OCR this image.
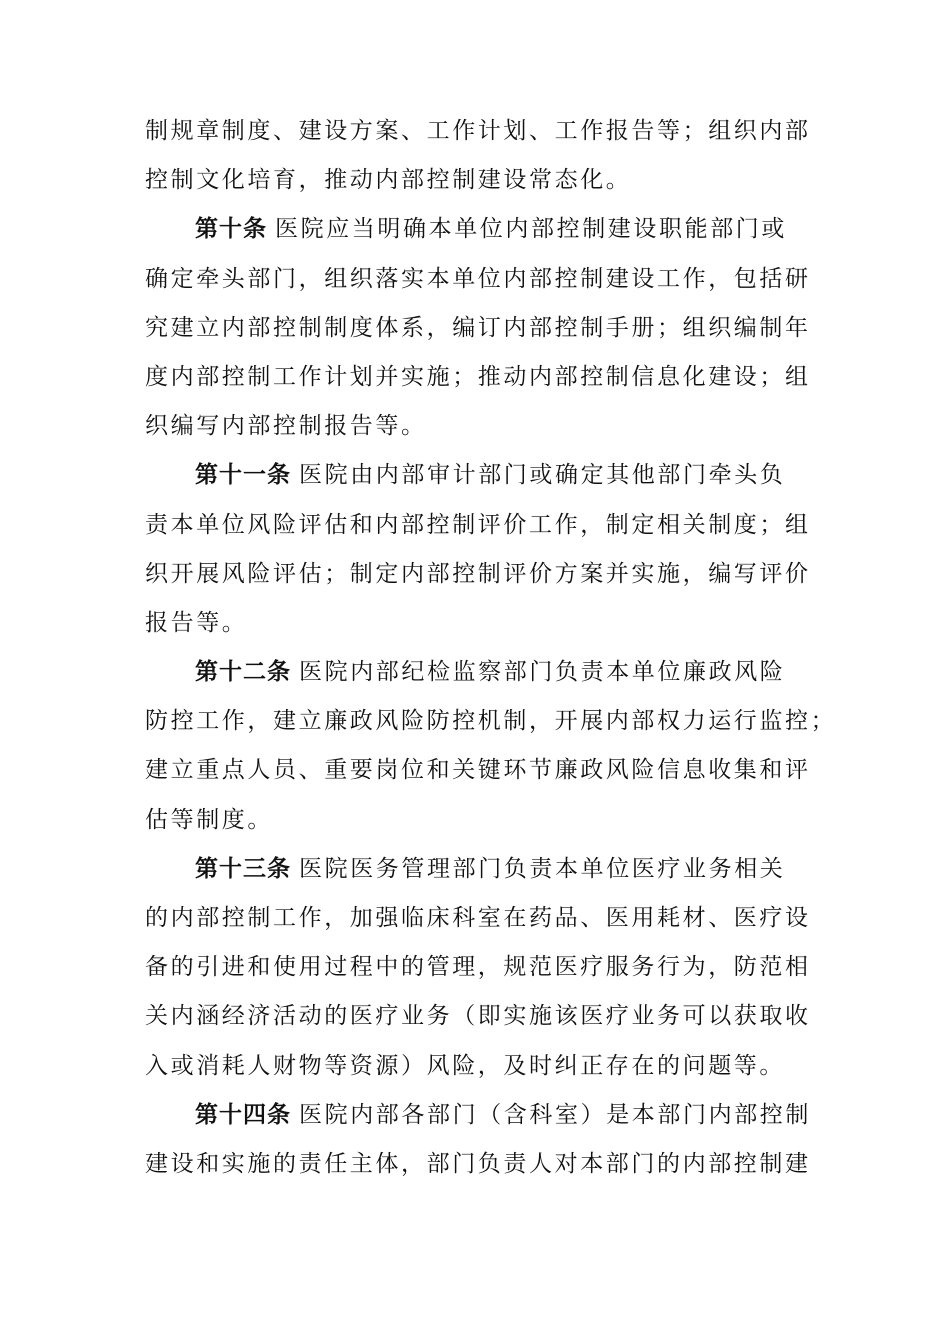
制规章制度、建设方案、工作计划、工作报告等；组织内部
控制文化培育，推动内部控制建设常态化。
第十条 医院应当明确本单位内部控制建设职能部门或
确定牵头部门，组织落实本单位内部控制建设工作，包括研
究建立内部控制制度体系，编订内部控制手册；组织编制年
度内部控制工作计划并实施；推动内部控制信息化建设；组
织编写内部控制报告等。
第十一条 医院由内部审计部门或确定其他部门牵头负
责本单位风险评估和内部控制评价工作，制定相关制度；组
织开展风险评估；制定内部控制评价方案并实施，编写评价
报告等。
第十二条 医院内部纪检监察部门负责本单位廉政风险
防控工作，建立廉政风险防控机制，开展内部权力运行监控；
建立重点人员、重要岗位和关键环节廉政风险信息收集和评
估等制度。
第十三条 医院医务管理部门负责本单位医疗业务相关
的内部控制工作，加强临床科室在药品、医用耗材、医疗设
备的引进和使用过程中的管理，规范医疗服务行为，防范相
关内涵经济活动的医疗业务（即实施该医疗业务可以获取收
入或消耗人财物等资源）风险，及时纠正存在的问题等。
第十四条 医院内部各部门（含科室）是本部门内部控制
建设和实施的责任主体，部门负责人对本部门的内部控制建
